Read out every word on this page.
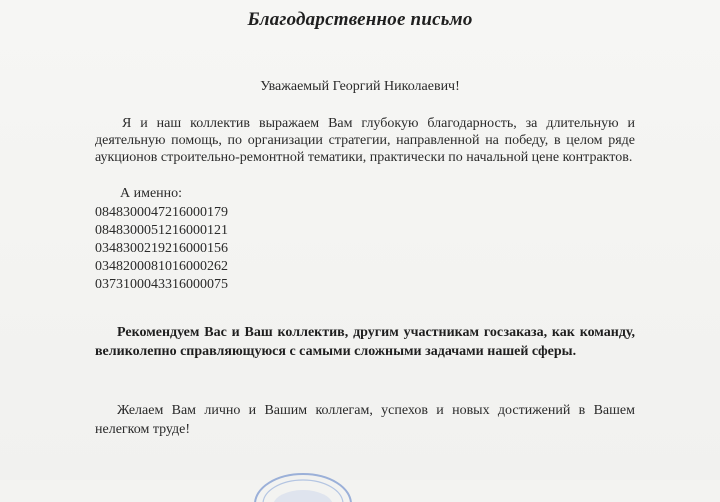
Благодарственное письмо
Уважаемый Георгий Николаевич!

Я и наш коллектив выражаем Вам глубокую благодарность, за длительную и деятельную помощь, по организации стратегии, направленной на победу, в целом ряде аукционов строительно-ремонтной тематики, практически по начальной цене контрактов.

А именно:

0848300047216000179
0848300051216000121
0348300219216000156
0348200081016000262
0373100043316000075

Рекомендуем Вас и Ваш коллектив, другим участникам госзаказа, как команду, великолепно справляющуюся с самыми сложными задачами нашей сферы.

Желаем Вам лично и Вашим коллегам, успехов и новых достижений в Вашем нелегком труде!
